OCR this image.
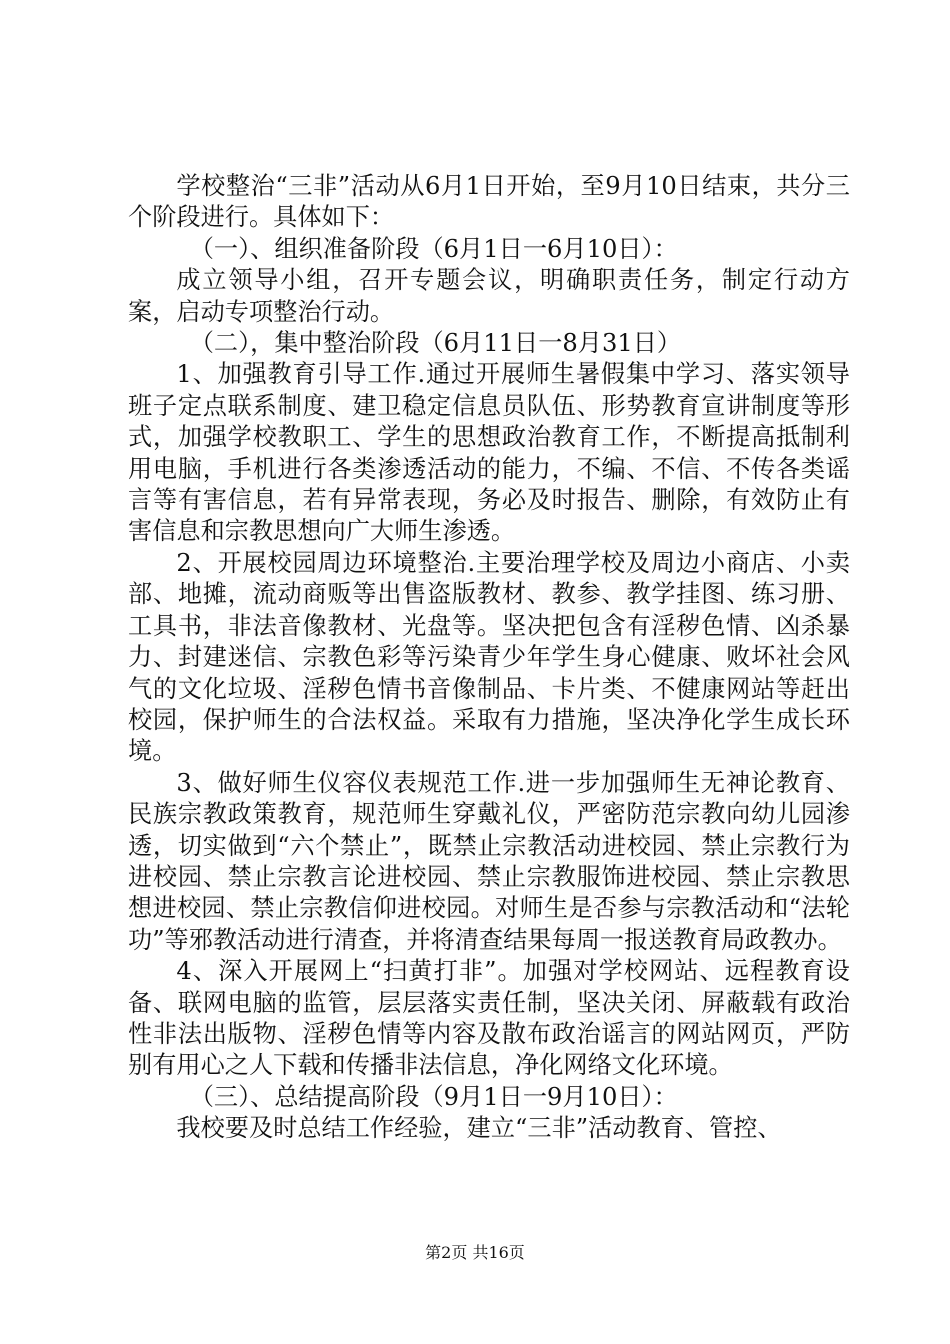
学校整治“三非”活动从6月1日开始，至9月10日结束，共分三个阶段进行。具体如下：

（一）、组织准备阶段（6月1日一6月10日）：

成立领导小组，召开专题会议，明确职责任务，制定行动方案，启动专项整治行动。

（二），集中整治阶段（6月11日一8月31日）

1、加强教育引导工作.通过开展师生暑假集中学习、落实领导班子定点联系制度、建卫稳定信息员队伍、形势教育宣讲制度等形式，加强学校教职工、学生的思想政治教育工作，不断提高抵制利用电脑，手机进行各类渗透活动的能力，不编、不信、不传各类谣言等有害信息，若有异常表现，务必及时报告、删除，有效防止有害信息和宗教思想向广大师生渗透。

2、开展校园周边环境整治.主要治理学校及周边小商店、小卖部、地摊，流动商贩等出售盗版教材、教参、教学挂图、练习册、工具书，非法音像教材、光盘等。坚决把包含有淫秽色情、凶杀暴力、封建迷信、宗教色彩等污染青少年学生身心健康、败坏社会风气的文化垃圾、淫秽色情书音像制品、卡片类、不健康网站等赶出校园，保护师生的合法权益。采取有力措施，坚决净化学生成长环境。

3、做好师生仪容仪表规范工作.进一步加强师生无神论教育、民族宗教政策教育，规范师生穿戴礼仪，严密防范宗教向幼儿园渗透，切实做到“六个禁止”，既禁止宗教活动进校园、禁止宗教行为进校园、禁止宗教言论进校园、禁止宗教服饰进校园、禁止宗教思想进校园、禁止宗教信仰进校园。对师生是否参与宗教活动和“法轮功”等邪教活动进行清查，并将清查结果每周一报送教育局政教办。

4、深入开展网上“扫黄打非”。加强对学校网站、远程教育设备、联网电脑的监管，层层落实责任制，坚决关闭、屏蔽载有政治性非法出版物、淫秽色情等内容及散布政治谣言的网站网页，严防别有用心之人下载和传播非法信息，净化网络文化环境。

（三）、总结提高阶段（9月1日一9月10日）：

我校要及时总结工作经验，建立“三非”活动教育、管控、

第2页 共16页
